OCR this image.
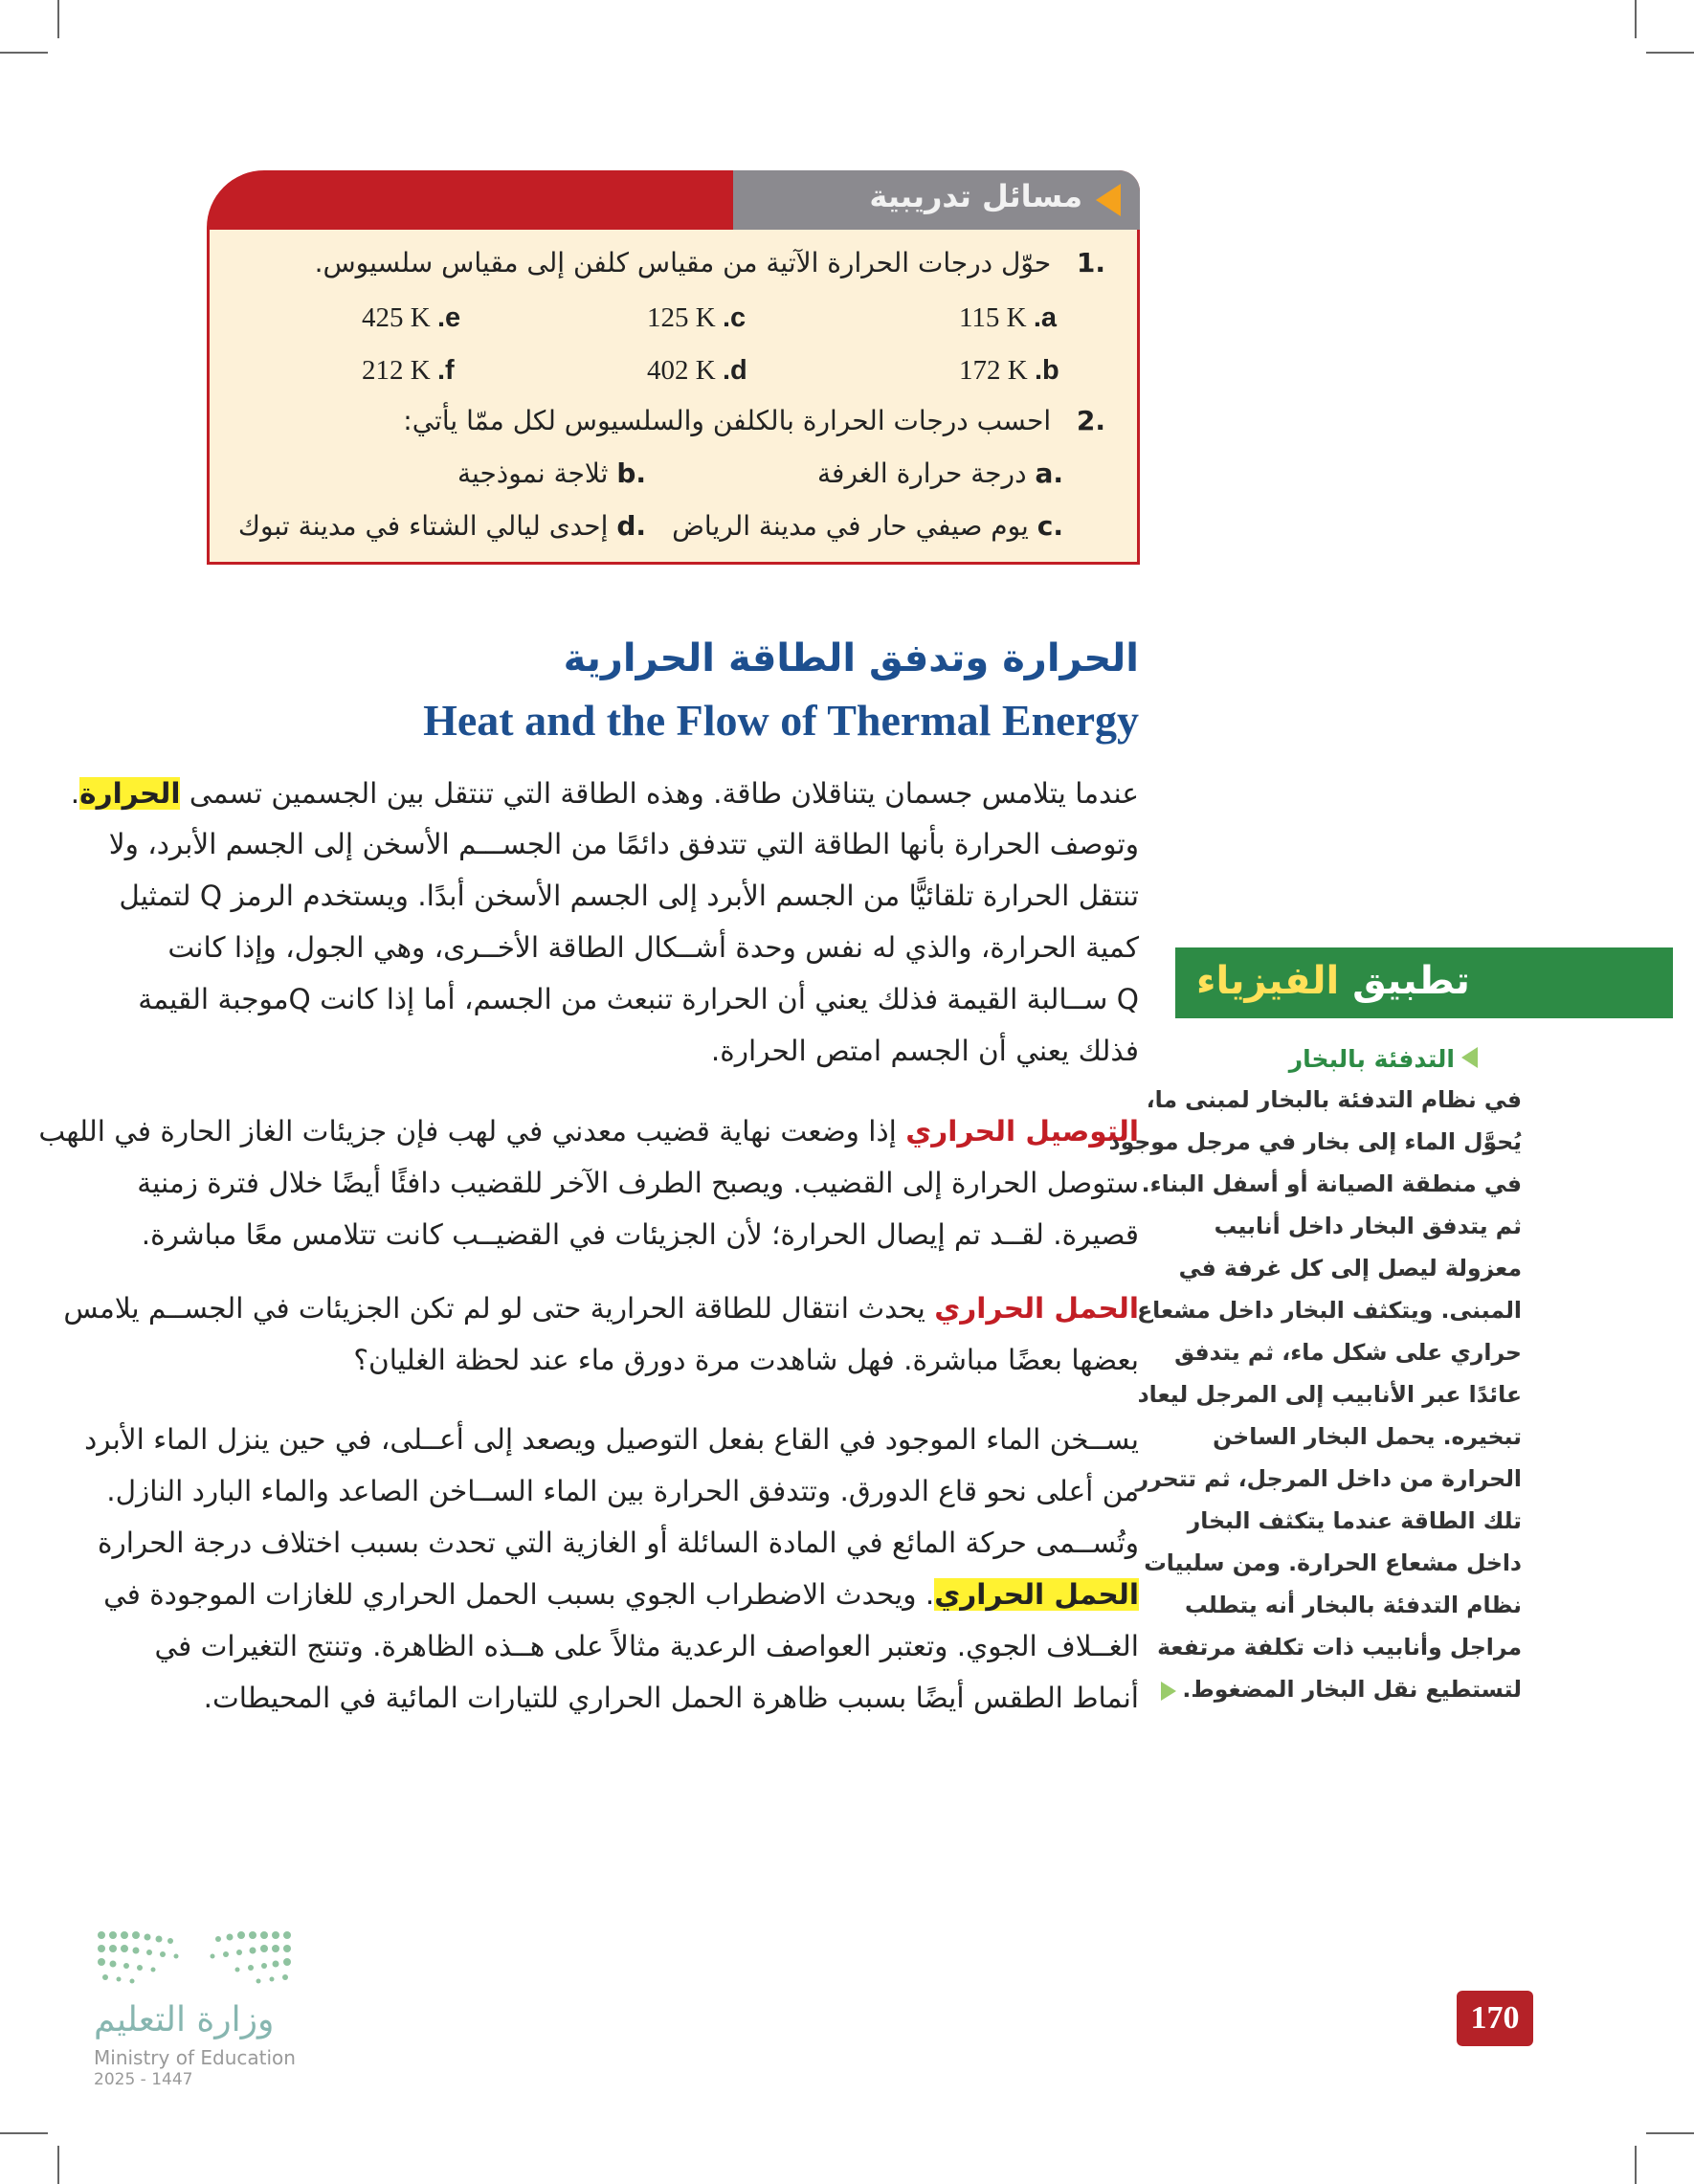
مسائل تدريبية
.1   حوّل درجات الحرارة الآتية من مقياس كلفن إلى مقياس سلسيوس.
115 K .a
125 K .c
425 K .e
172 K .b
402 K .d
212 K .f
.2   احسب درجات الحرارة بالكلفن والسلسيوس لكل ممّا يأتي:
a. درجة حرارة الغرفة
b. ثلاجة نموذجية
c. يوم صيفي حار في مدينة الرياض
d. إحدى ليالي الشتاء في مدينة تبوك
الحرارة وتدفق الطاقة الحرارية
Heat and the Flow of Thermal Energy
عندما يتلامس جسمان يتناقلان طاقة. وهذه الطاقة التي تنتقل بين الجسمين تسمى الحرارة.
وتوصف الحرارة بأنها الطاقة التي تتدفق دائمًا من الجســـم الأسخن إلى الجسم الأبرد، ولا
تنتقل الحرارة تلقائيًّا من الجسم الأبرد إلى الجسم الأسخن أبدًا. ويستخدم الرمز Q لتمثيل
كمية الحرارة، والذي له نفس وحدة أشــكال الطاقة الأخــرى، وهي الجول، وإذا كانت
Q ســالبة القيمة فذلك يعني أن الحرارة تنبعث من الجسم، أما إذا كانت Qموجبة القيمة
فذلك يعني أن الجسم امتص الحرارة.
التوصيل الحراري إذا وضعت نهاية قضيب معدني في لهب فإن جزيئات الغاز الحارة في اللهب
ستوصل الحرارة إلى القضيب. ويصبح الطرف الآخر للقضيب دافئًا أيضًا خلال فترة زمنية
قصيرة. لقــد تم إيصال الحرارة؛ لأن الجزيئات في القضيــب كانت تتلامس معًا مباشرة.
الحمل الحراري يحدث انتقال للطاقة الحرارية حتى لو لم تكن الجزيئات في الجســم يلامس
بعضها بعضًا مباشرة. فهل شاهدت مرة دورق ماء عند لحظة الغليان؟
يســخن الماء الموجود في القاع بفعل التوصيل ويصعد إلى أعــلى، في حين ينزل الماء الأبرد
من أعلى نحو قاع الدورق. وتتدفق الحرارة بين الماء الســاخن الصاعد والماء البارد النازل.
وتُســمى حركة المائع في المادة السائلة أو الغازية التي تحدث بسبب اختلاف درجة الحرارة
الحمل الحراري. ويحدث الاضطراب الجوي بسبب الحمل الحراري للغازات الموجودة في
الغــلاف الجوي. وتعتبر العواصف الرعدية مثالاً على هــذه الظاهرة. وتنتج التغيرات في
أنماط الطقس أيضًا بسبب ظاهرة الحمل الحراري للتيارات المائية في المحيطات.
تطبيق الفيزياء
التدفئة بالبخار
في نظام التدفئة بالبخار لمبنى ما،
يُحوَّل الماء إلى بخار في مرجل موجود
في منطقة الصيانة أو أسفل البناء.
ثم يتدفق البخار داخل أنابيب
معزولة ليصل إلى كل غرفة في
المبنى. ويتكثف البخار داخل مشعاع
حراري على شكل ماء، ثم يتدفق
عائدًا عبر الأنابيب إلى المرجل ليعاد
تبخيره. يحمل البخار الساخن
الحرارة من داخل المرجل، ثم تتحرر
تلك الطاقة عندما يتكثف البخار
داخل مشعاع الحرارة. ومن سلبيات
نظام التدفئة بالبخار أنه يتطلب
مراجل وأنابيب ذات تكلفة مرتفعة
لتستطيع نقل البخار المضغوط.
170
وزارة التعليم
Ministry of Education
2025 - 1447
